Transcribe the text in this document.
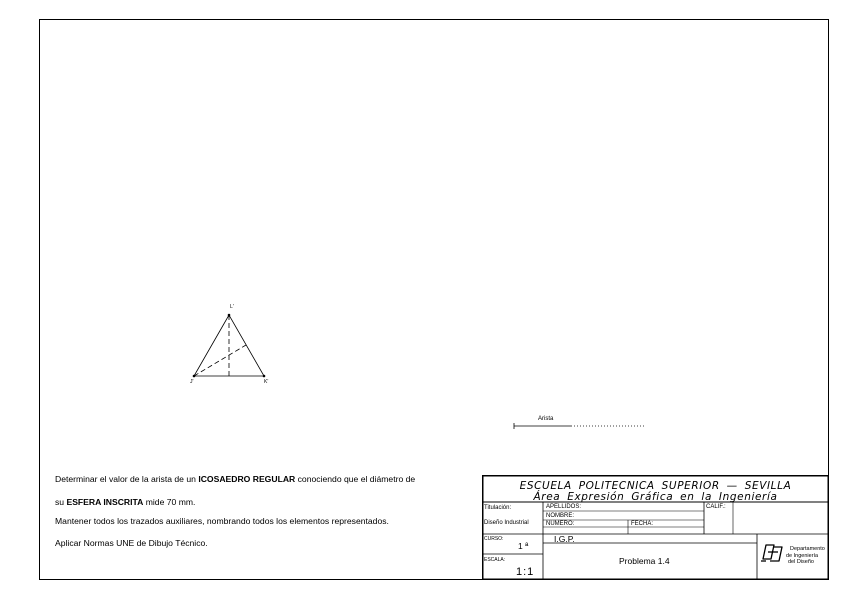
L'
J'	K'
Arista
Determinar el valor de la arista de un ICOSAEDRO REGULAR conociendo que el diámetro de
su ESFERA INSCRITA mide 70 mm.
Mantener todos los trazados auxiliares, nombrando todos los elementos representados.
Aplicar Normas UNE de Dibujo Técnico.
ESCUELA POLITECNICA SUPERIOR — SEVILLA
Área Expresión Gráfica en la Ingeniería
Titulación:
Diseño Industrial
APELLIDOS:
NOMBRE:
NUMERO:	FECHA:
CALIF.:
CURSO:
1 ª
I.G.P.
ESCALA:
1:1
Problema 1.4
Departamento
de Ingeniería
del Diseño
